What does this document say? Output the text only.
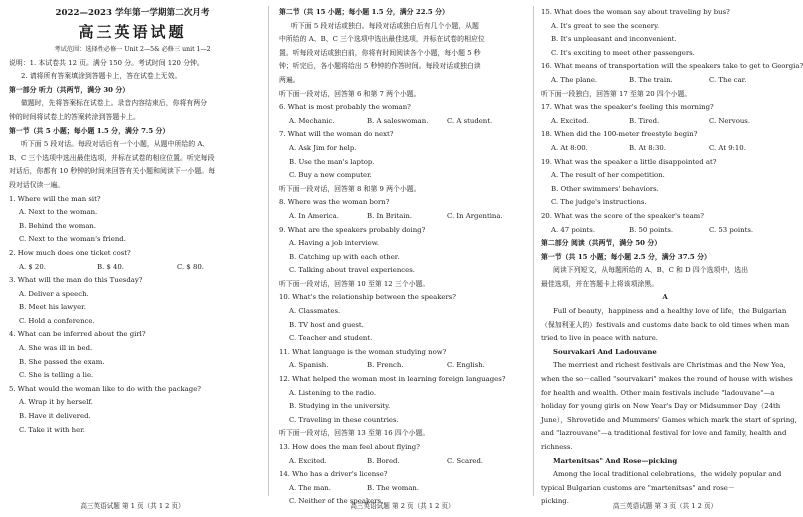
2022—2023 学年第一学期第二次月考
高三英语试题
考试范围：选择性必修一 Unit 2—5& 必修三 unit 1—2
说明：1. 本试卷共 12 页。满分 150 分。考试时间 120 分钟。
2. 请将所有答案填涂到答题卡上，答在试卷上无效。
第一部分 听力（共两节，满分 30 分）
做题时，先将答案标在试卷上。录音内容结束后，你将有两分
钟的时间将试卷上的答案转涂到答题卡上。
第一节（共 5 小题；每小题 1.5 分，满分 7.5 分）
听下面 5 段对话。每段对话后有一个小题，从题中所给的 A、
B、C 三个选项中选出最佳选项，并标在试卷的相应位置。听完每段
对话后，你都有 10 秒钟的时间来回答有关小题和阅读下一小题。每
段对话仅读一遍。
1. Where will the man sit?
A. Next to the woman.
B. Behind the woman.
C. Next to the woman's friend.
2. How much does one ticket cost?
A. $ 20.	B. $ 40.	C. $ 80.
3. What will the man do this Tuesday?
A. Deliver a speech.
B. Meet his lawyer.
C. Hold a conference.
4. What can be inferred about the girl?
A. She was ill in bed.
B. She passed the exam.
C. She is telling a lie.
5. What would the woman like to do with the package?
A. Wrap it by herself.
B. Have it delivered.
C. Take it with her.
第二节（共 15 小题；每小题 1.5 分，满分 22.5 分）
听下面 5 段对话或独白。每段对话或独白后有几个小题，从题
中所给的 A、B、C 三个选项中选出最佳选项，并标在试卷的相应位
置。听每段对话或独白前，你将有时间阅读各个小题，每小题 5 秒
钟；听完后，各小题将给出 5 秒钟的作答时间。每段对话或独白读
两遍。
听下面一段对话，回答第 6 和第 7 两个小题。
6. What is most probably the woman?
A. Mechanic.	B. A saleswoman.	C. A student.
7. What will the woman do next?
A. Ask Jim for help.
B. Use the man's laptop.
C. Buy a new computer.
听下面一段对话，回答第 8 和第 9 两个小题。
8. Where was the woman born?
A. In America.	B. In Britain.	C. In Argentina.
9. What are the speakers probably doing?
A. Having a job interview.
B. Catching up with each other.
C. Talking about travel experiences.
听下面一段对话，回答第 10 至第 12 三个小题。
10. What's the relationship between the speakers?
A. Classmates.
B. TV host and guest.
C. Teacher and student.
11. What language is the woman studying now?
A. Spanish.	B. French.	C. English.
12. What helped the woman most in learning foreign languages?
A. Listening to the radio.
B. Studying in the university.
C. Traveling in these countries.
听下面一段对话，回答第 13 至第 16 四个小题。
13. How does the man feel about flying?
A. Excited.	B. Bored.	C. Scared.
14. Who has a driver's license?
A. The man.	B. The woman.
C. Neither of the speakers.
15. What does the woman say about traveling by bus?
A. It's great to see the scenery.
B. It's unpleasant and inconvenient.
C. It's exciting to meet other passengers.
16. What means of transportation will the speakers take to get to Georgia?
A. The plane.	B. The train.	C. The car.
听下面一段独白，回答第 17 至第 20 四个小题。
17. What was the speaker's feeling this morning?
A. Excited.	B. Tired.	C. Nervous.
18. When did the 100-meter freestyle begin?
A. At 8:00.	B. At 8:30.	C. At 9:10.
19. What was the speaker a little disappointed at?
A. The result of her competition.
B. Other swimmers' behaviors.
C. The judge's instructions.
20. What was the score of the speaker's team?
A. 47 points.	B. 50 points.	C. 53 points.
第二部分 阅读（共两节，满分 50 分）
第一节（共 15 小题；每小题 2.5 分，满分 37.5 分）
阅读下列短文，从每题所给的 A、B、C 和 D 四个选项中，选出
最佳选项，并在答题卡上将该项涂黑。
A
Full of beauty，happiness and a healthy love of life，the Bulgarian
（保加利亚人的）festivals and customs date back to old times when man
tried to live in peace with nature.
Sourvakari And Ladouvane
The merriest and richest festivals are Christmas and the New Yea,
when the so－called "sourvakari" makes the round of house with wishes
for health and wealth. Other main festivals include "ladouvane"—a
holiday for young girls on New Year's Day or Midsummer Day（24th
June），Shrovetide and Mummers' Games which mark the start of spring,
and "lazrouvane"—a traditional festival for love and family, health and
richness.
Martenitsas" And Rose—picking
Among the local traditional celebrations，the widely popular and
typical Bulgarian customs are "martenitsas" and rose－
picking.
高三英语试题 第 1 页（共 1 2 页）	高三英语试题 第 2 页（共 1 2 页）	高三英语试题 第 3 页（共 1 2 页）
